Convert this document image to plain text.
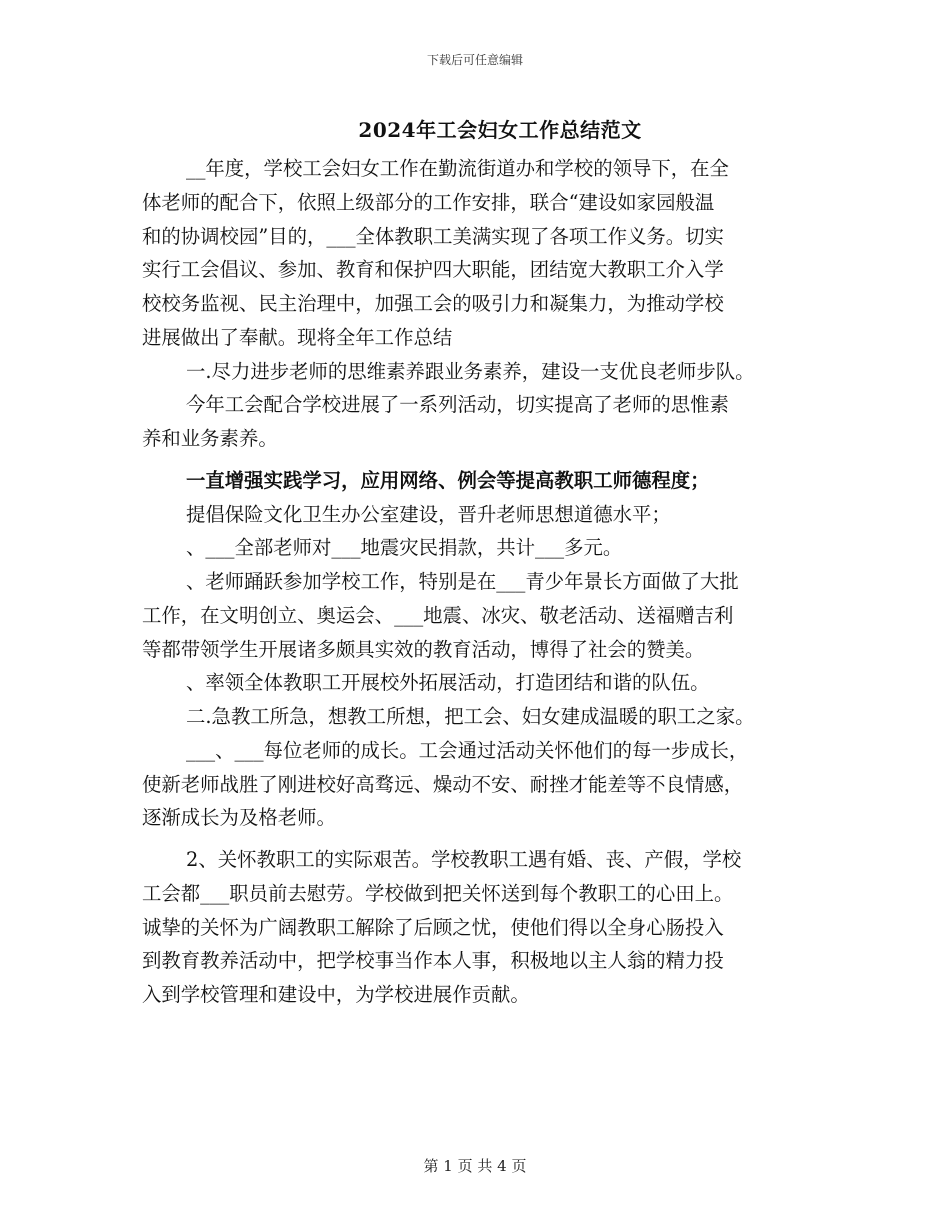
下载后可任意编辑
2024年工会妇女工作总结范文
__年度，学校工会妇女工作在勤流街道办和学校的领导下，在全
体老师的配合下，依照上级部分的工作安排，联合“建设如家园般温
和的协调校园”目的，___全体教职工美满实现了各项工作义务。切实
实行工会倡议、参加、教育和保护四大职能，团结宽大教职工介入学
校校务监视、民主治理中，加强工会的吸引力和凝集力，为推动学校
进展做出了奉献。现将全年工作总结
一.尽力进步老师的思维素养跟业务素养，建设一支优良老师步队。
今年工会配合学校进展了一系列活动，切实提高了老师的思惟素
养和业务素养。
一直增强实践学习，应用网络、例会等提高教职工师德程度；
提倡保险文化卫生办公室建设，晋升老师思想道德水平；
、___全部老师对___地震灾民捐款，共计___多元。
、老师踊跃参加学校工作，特别是在___青少年景长方面做了大批
工作，在文明创立、奥运会、___地震、冰灾、敬老活动、送福赠吉利
等都带领学生开展诸多颇具实效的教育活动，博得了社会的赞美。
、率领全体教职工开展校外拓展活动，打造团结和谐的队伍。
二.急教工所急，想教工所想，把工会、妇女建成温暖的职工之家。
___、___每位老师的成长。工会通过活动关怀他们的每一步成长，
使新老师战胜了刚进校好高骛远、燥动不安、耐挫才能差等不良情感，
逐渐成长为及格老师。
2、关怀教职工的实际艰苦。学校教职工遇有婚、丧、产假，学校
工会都___职员前去慰劳。学校做到把关怀送到每个教职工的心田上。
诚挚的关怀为广阔教职工解除了后顾之忧，使他们得以全身心肠投入
到教育教养活动中，把学校事当作本人事，积极地以主人翁的精力投
入到学校管理和建设中，为学校进展作贡献。
第 1 页 共 4 页
